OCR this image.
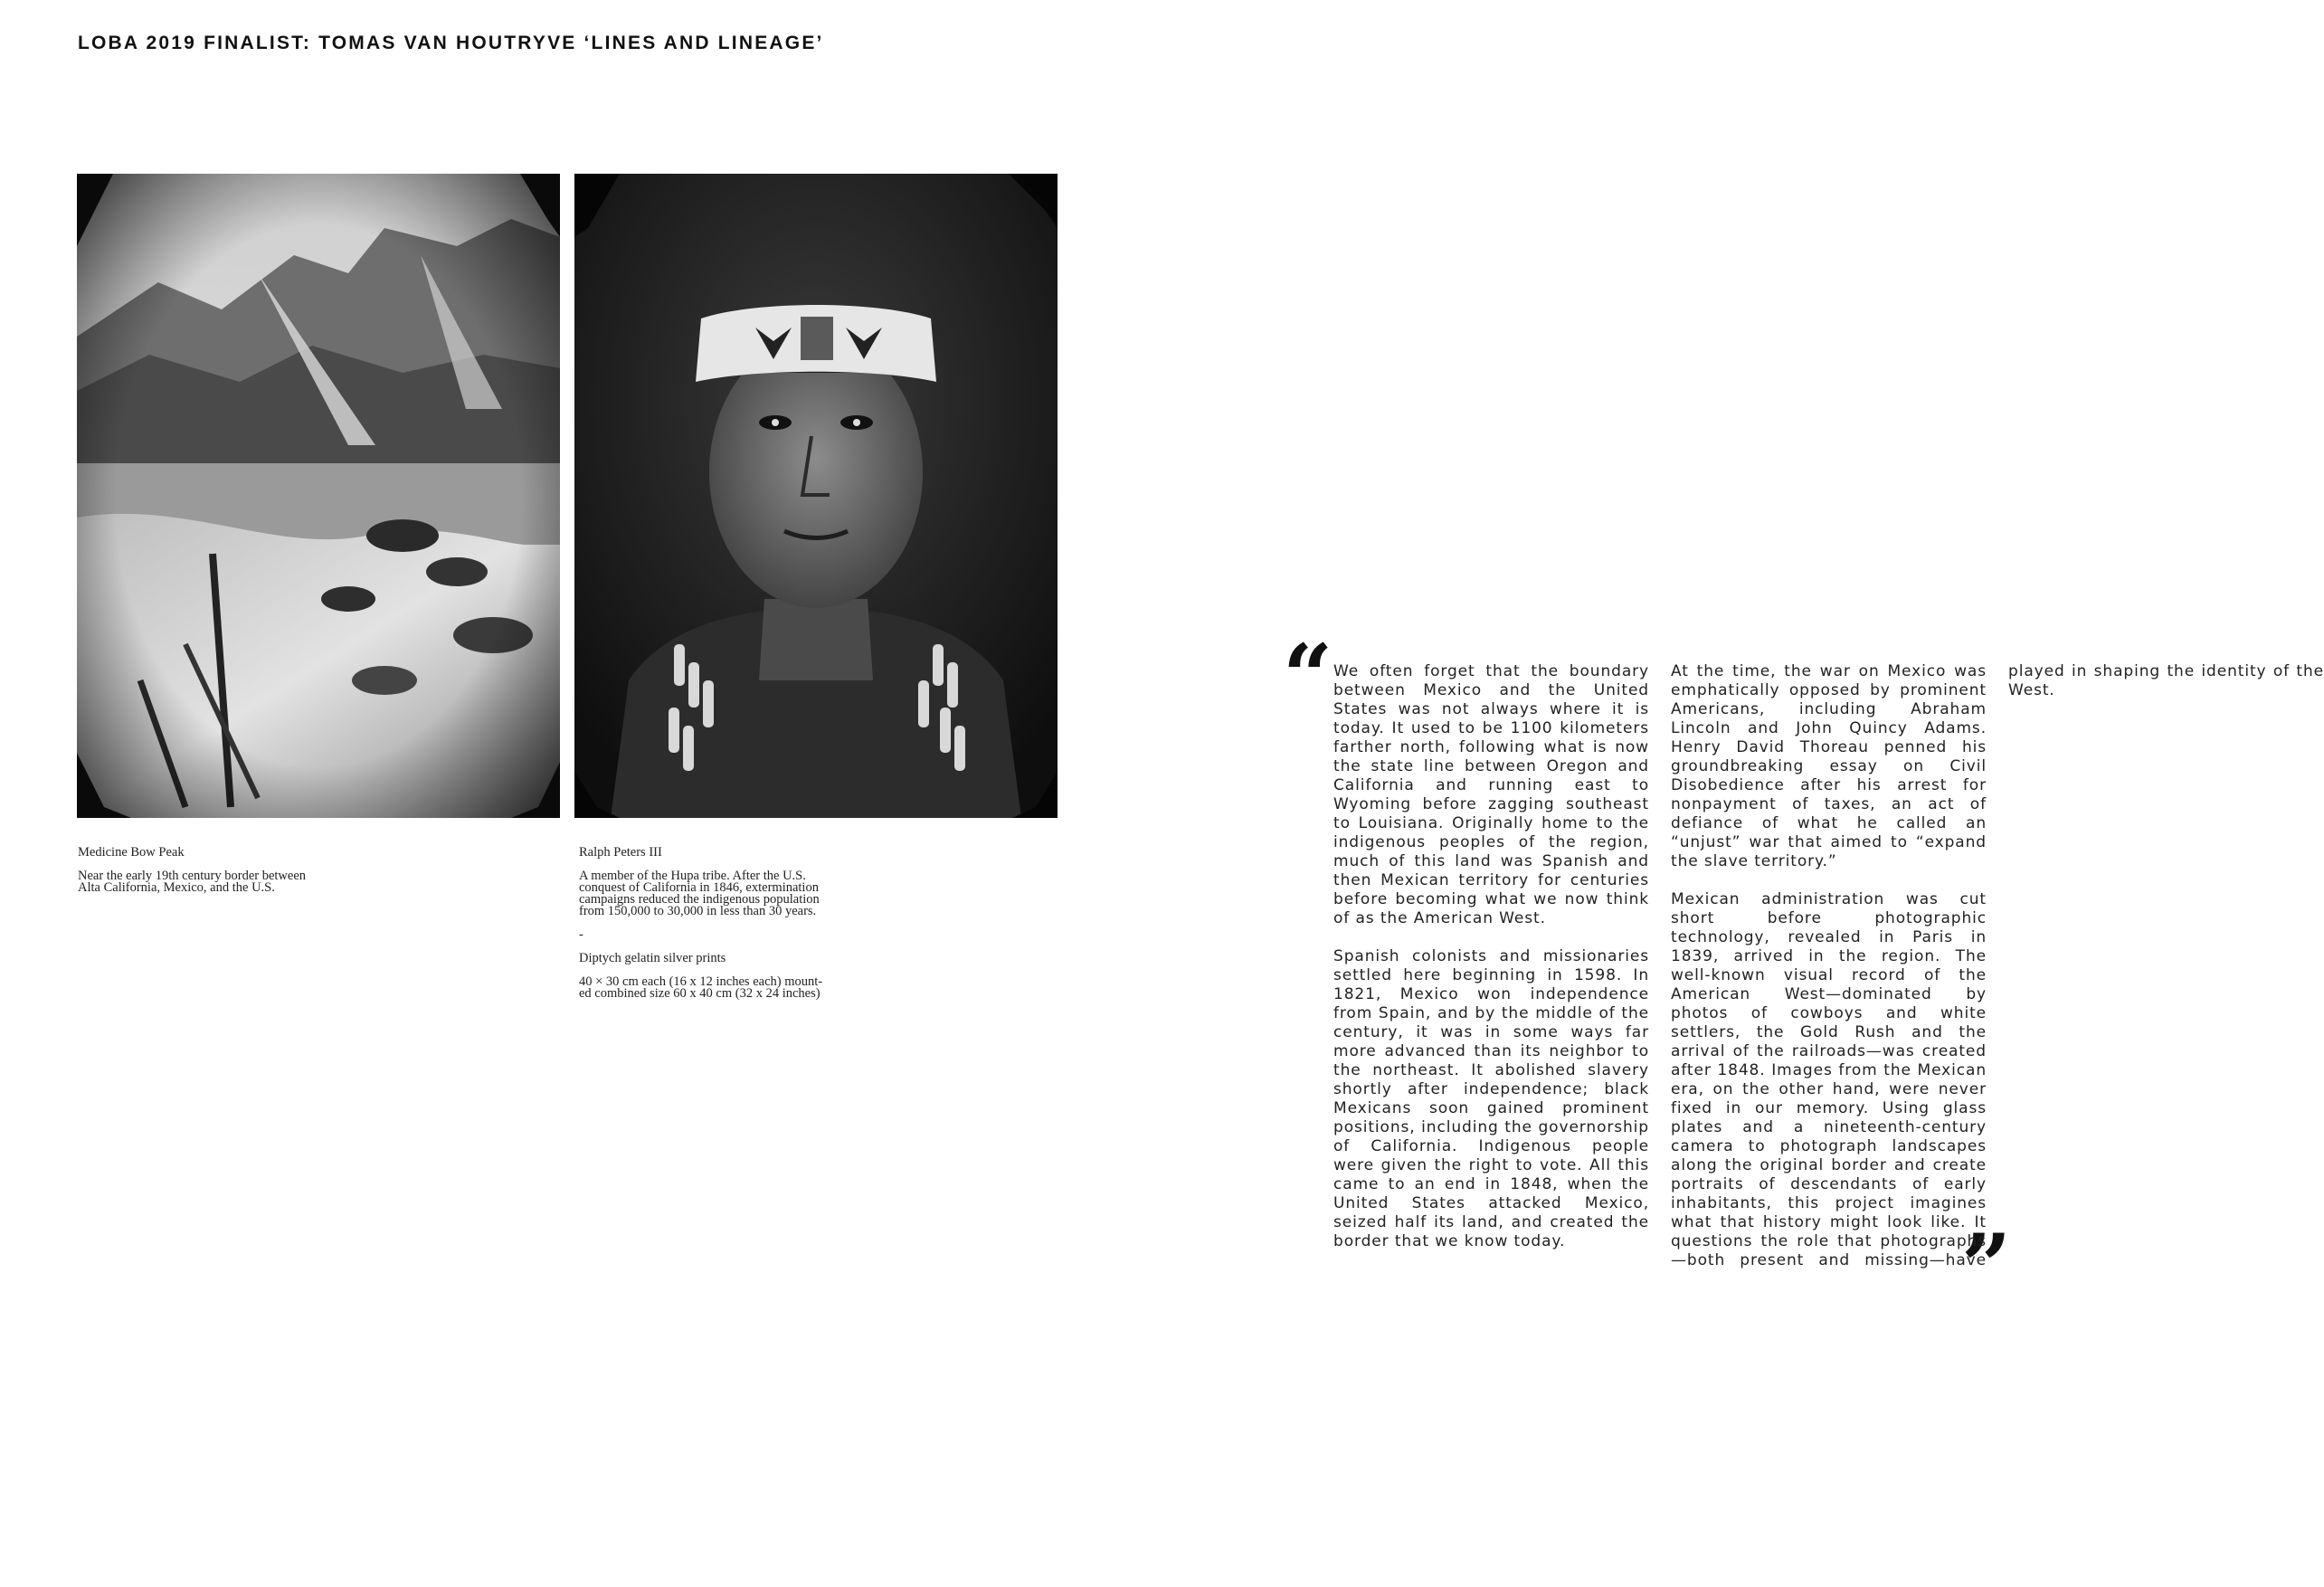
LOBA 2019 FINALIST: TOMAS VAN HOUTRYVE ‘LINES AND LINEAGE’

Medicine Bow Peak

Near the early 19th century border between
Alta California, Mexico, and the U.S.

Ralph Peters III

A member of the Hupa tribe. After the U.S.
conquest of California in 1846, extermination
campaigns reduced the indigenous population
from 150,000 to 30,000 in less than 30 years.

-

Diptych gelatin silver prints

40 × 30 cm each (16 x 12 inches each) mount-
ed combined size 60 x 40 cm (32 x 24 inches)

“
”

We often forget that the boundary between Mexico and the United States was not always where it is today. It used to be 1100 kilometers farther north, following what is now the state line between Oregon and California and running east to Wyoming before zagging southeast to Louisiana. Originally home to the indigenous peoples of the region, much of this land was Spanish and then Mexican territory for centuries before becoming what we now think of as the American West.

Spanish colonists and missionaries settled here beginning in 1598. In 1821, Mexico won independence from Spain, and by the middle of the century, it was in some ways far more advanced than its neighbor to the northeast. It abolished slavery shortly after independence; black Mexicans soon gained prominent positions, including the governorship of California. Indigenous people were given the right to vote. All this came to an end in 1848, when the United States attacked Mexico, seized half its land, and created the border that we know today.

At the time, the war on Mexico was emphatically opposed by prominent Americans, including Abraham Lincoln and John Quincy Adams. Henry David Thoreau penned his groundbreaking essay on Civil Disobedience after his arrest for nonpayment of taxes, an act of defiance of what he called an “unjust” war that aimed to “expand the slave territory.”

Mexican administration was cut short before photographic technology, revealed in Paris in 1839, arrived in the region. The well-known visual record of the American West—dominated by photos of cowboys and white settlers, the Gold Rush and the arrival of the railroads—was created after 1848. Images from the Mexican era, on the other hand, were never fixed in our memory. Using glass plates and a nineteenth-century camera to photograph landscapes along the original border and create portraits of descendants of early inhabitants, this project imagines what that history might look like. It questions the role that photographs—both present and missing—have played in shaping the identity of the West.
